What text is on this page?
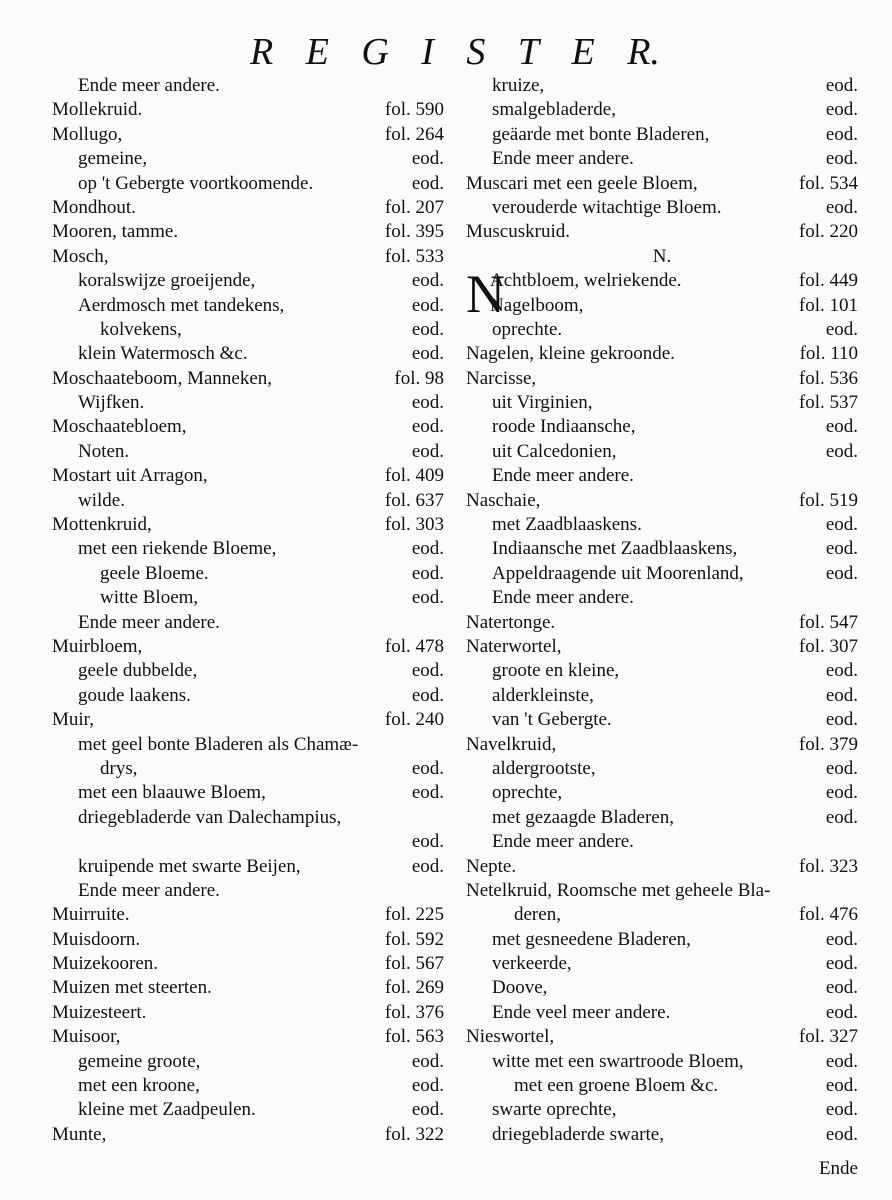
R E G I S T E R.
Ende meer andere.
Mollekruid.	fol. 590
Mollugo,	fol. 264
gemeine,	eod.
op 't Gebergte voortkoomende.	eod.
Mondhout.	fol. 207
Mooren, tamme.	fol. 395
Mosch,	fol. 533
koralswijze groeijende,	eod.
Aerdmosch met tandekens,	eod.
kolvekens,	eod.
klein Watermosch &c.	eod.
Moschaateboom, Manneken,	fol. 98
Wijfken.	eod.
Moschaatebloem,	eod.
Noten.	eod.
Mostart uit Arragon,	fol. 409
wilde.	fol. 637
Mottenkruid,	fol. 303
met een riekende Bloeme,	eod.
geele Bloeme.	eod.
witte Bloem,	eod.
Ende meer andere.
Muirbloem,	fol. 478
geele dubbelde,	eod.
goude laakens.	eod.
Muir,	fol. 240
met geel bonte Bladeren als Chamæ-
drys,	eod.
met een blaauwe Bloem,	eod.
driegebladerde van Dalechampius,
eod.
kruipende met swarte Beijen,	eod.
Ende meer andere.
Muirruite.	fol. 225
Muisdoorn.	fol. 592
Muizekooren.	fol. 567
Muizen met steerten.	fol. 269
Muizesteert.	fol. 376
Muisoor,	fol. 563
gemeine groote,	eod.
met een kroone,	eod.
kleine met Zaadpeulen.	eod.
Munte,	fol. 322
kruize,	eod.
smalgebladerde,	eod.
geäarde met bonte Bladeren,	eod.
Ende meer andere.	eod.
Muscari met een geele Bloem,	fol. 534
verouderde witachtige Bloem.	eod.
Muscuskruid.	fol. 220
N.
N
Achtbloem, welriekende.	fol. 449
Nagelboom,	fol. 101
oprechte.	eod.
Nagelen, kleine gekroonde.	fol. 110
Narcisse,	fol. 536
uit Virginien,	fol. 537
roode Indiaansche,	eod.
uit Calcedonien,	eod.
Ende meer andere.
Naschaie,	fol. 519
met Zaadblaaskens.	eod.
Indiaansche met Zaadblaaskens,	eod.
Appeldraagende uit Moorenland,	eod.
Ende meer andere.
Natertonge.	fol. 547
Naterwortel,	fol. 307
groote en kleine,	eod.
alderkleinste,	eod.
van 't Gebergte.	eod.
Navelkruid,	fol. 379
aldergrootste,	eod.
oprechte,	eod.
met gezaagde Bladeren,	eod.
Ende meer andere.
Nepte.	fol. 323
Netelkruid, Roomsche met geheele Bla-
deren,	fol. 476
met gesneedene Bladeren,	eod.
verkeerde,	eod.
Doove,	eod.
Ende veel meer andere.	eod.
Nieswortel,	fol. 327
witte met een swartroode Bloem,	eod.
met een groene Bloem &c.	eod.
swarte oprechte,	eod.
driegebladerde swarte,	eod.
Ende
